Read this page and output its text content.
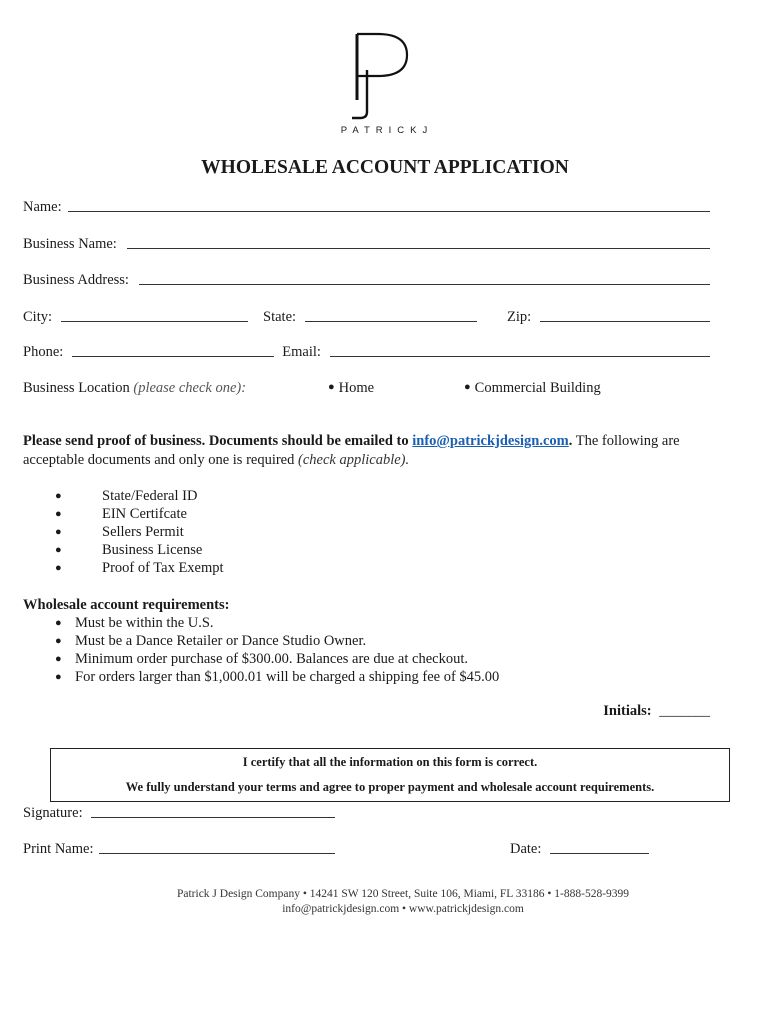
PATRICKJ
WHOLESALE ACCOUNT APPLICATION
Name:
Business Name:
Business Address:
City:	State:	Zip:
Phone:	Email:
Business Location (please check one):	● Home	● Commercial Building
Please send proof of business. Documents should be emailed to info@patrickjdesign.com. The following are
acceptable documents and only one is required (check applicable).
●	State/Federal ID
●	EIN Certifcate
●	Sellers Permit
●	Business License
●	Proof of Tax Exempt
Wholesale account requirements:
● Must be within the U.S.
● Must be a Dance Retailer or Dance Studio Owner.
● Minimum order purchase of $300.00. Balances are due at checkout.
● For orders larger than $1,000.01 will be charged a shipping fee of $45.00
Initials: _______
I certify that all the information on this form is correct.
We fully understand your terms and agree to proper payment and wholesale account requirements.
Signature:
Print Name:	Date:
Patrick J Design Company • 14241 SW 120 Street, Suite 106, Miami, FL 33186 • 1-888-528-9399
info@patrickjdesign.com • www.patrickjdesign.com
